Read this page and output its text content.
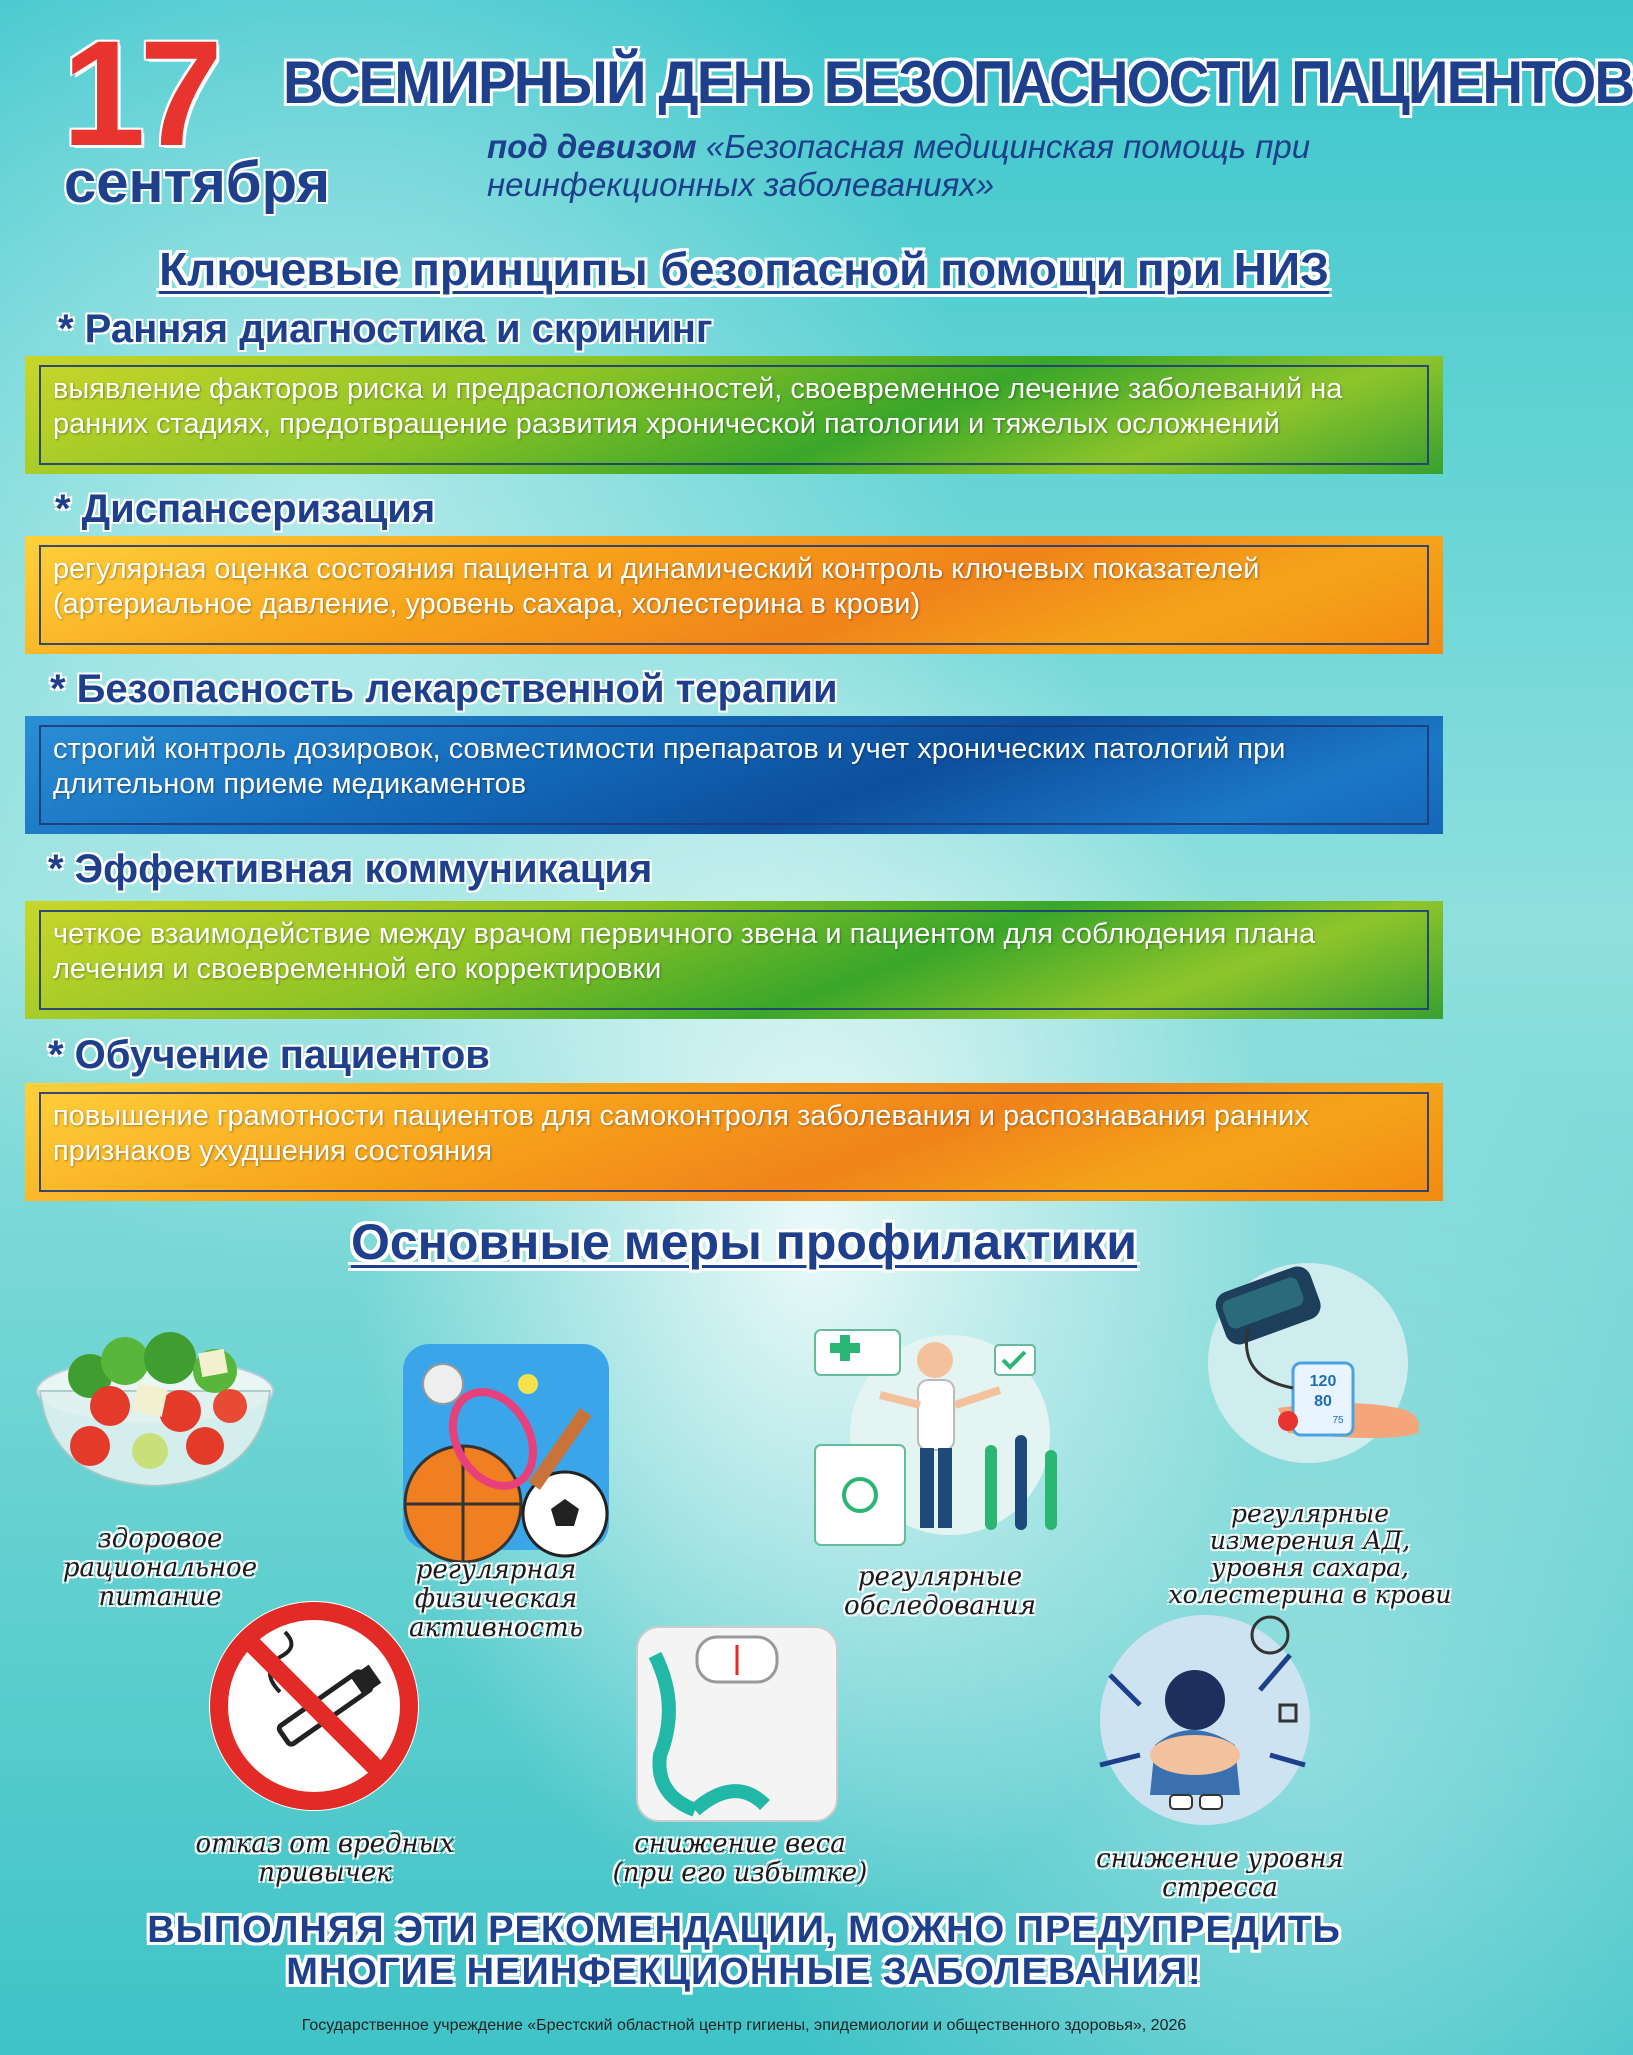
17
сентября
ВСЕМИРНЫЙ ДЕНЬ БЕЗОПАСНОСТИ ПАЦИЕНТОВ
под девизом «Безопасная медицинская помощь при неинфекционных заболеваниях»
Ключевые принципы безопасной помощи при НИЗ
* Ранняя диагностика и скрининг
выявление факторов риска и предрасположенностей, своевременное лечение заболеваний на ранних стадиях, предотвращение развития хронической патологии и тяжелых осложнений
* Диспансеризация
регулярная оценка состояния пациента и динамический контроль ключевых показателей (артериальное давление, уровень сахара, холестерина в крови)
* Безопасность лекарственной терапии
строгий контроль дозировок, совместимости препаратов и учет хронических патологий при длительном приеме медикаментов
* Эффективная коммуникация
четкое взаимодействие между врачом первичного звена и пациентом для соблюдения плана лечения и своевременной его корректировки
* Обучение пациентов
повышение грамотности пациентов для самоконтроля заболевания и распознавания ранних признаков ухудшения состояния
Основные меры профилактики
здоровое рациональное питание
регулярная физическая активность
регулярные обследования
120
80
75
регулярные измерения АД, уровня сахара, холестерина в крови
отказ от вредных привычек
снижение веса (при его избытке)	снижение уровня стресса
ВЫПОЛНЯЯ ЭТИ РЕКОМЕНДАЦИИ, МОЖНО ПРЕДУПРЕДИТЬ
МНОГИЕ НЕИНФЕКЦИОННЫЕ ЗАБОЛЕВАНИЯ!
Государственное учреждение «Брестский областной центр гигиены, эпидемиологии и общественного здоровья», 2026
